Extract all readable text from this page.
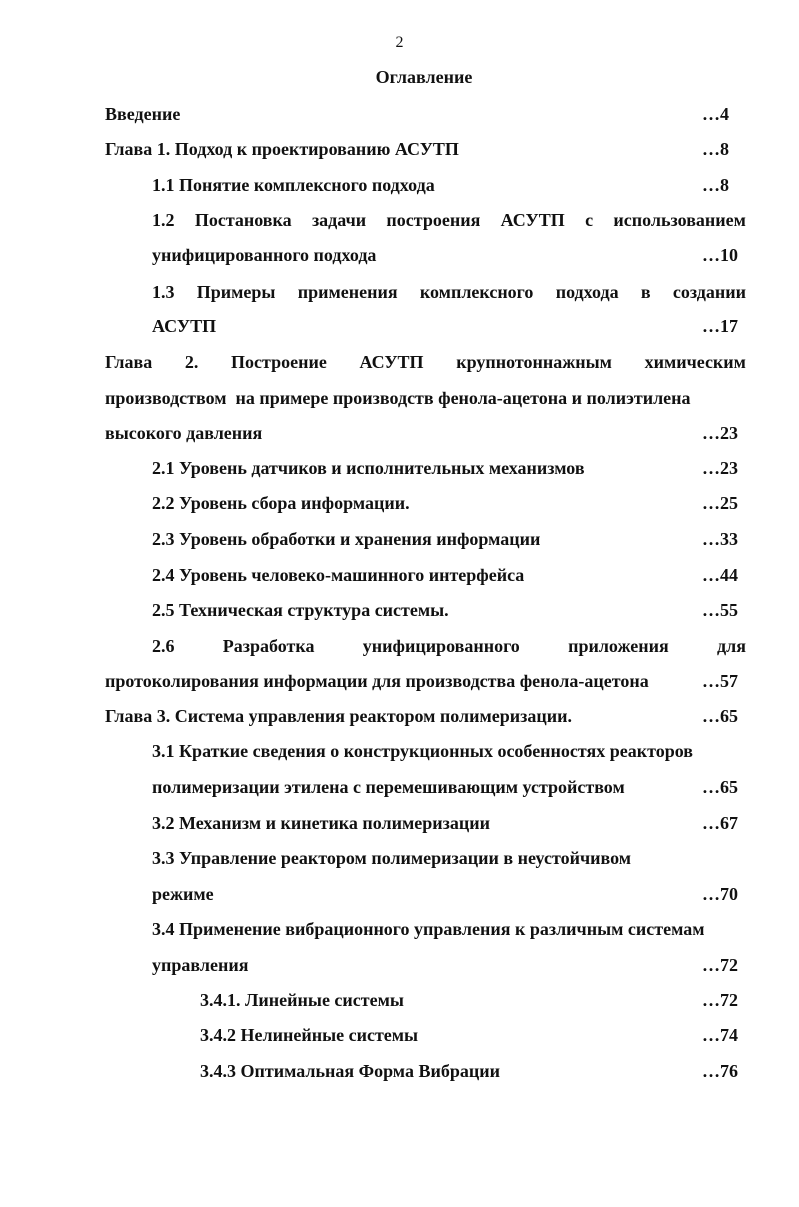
2
Оглавление
Введение	…4
Глава 1. Подход к проектированию АСУТП	…8
1.1 Понятие комплексного подхода	…8
1.2 Постановка задачи построения АСУТП с использованием
унифицированного подхода	…10
1.3 Примеры применения комплексного подхода в создании
АСУТП	…17
Глава 2. Построение АСУТП крупнотоннажным химическим
производством  на примере производств фенола-ацетона и полиэтилена
высокого давления	…23
2.1 Уровень датчиков и исполнительных механизмов	…23
2.2 Уровень сбора информации.	…25
2.3 Уровень обработки и хранения информации	…33
2.4 Уровень человеко-машинного интерфейса	…44
2.5 Техническая структура системы.	…55
2.6	Разработка	унифицированного	приложения	для
протоколирования информации для производства фенола-ацетона	…57
Глава 3. Система управления реактором полимеризации.	…65
3.1 Краткие сведения о конструкционных особенностях реакторов
полимеризации этилена с перемешивающим устройством	…65
3.2 Механизм и кинетика полимеризации	…67
3.3 Управление реактором полимеризации в неустойчивом
режиме	…70
3.4 Применение вибрационного управления к различным системам
управления	…72
3.4.1. Линейные системы	…72
3.4.2 Нелинейные системы	…74
3.4.3 Оптимальная Форма Вибрации	…76
